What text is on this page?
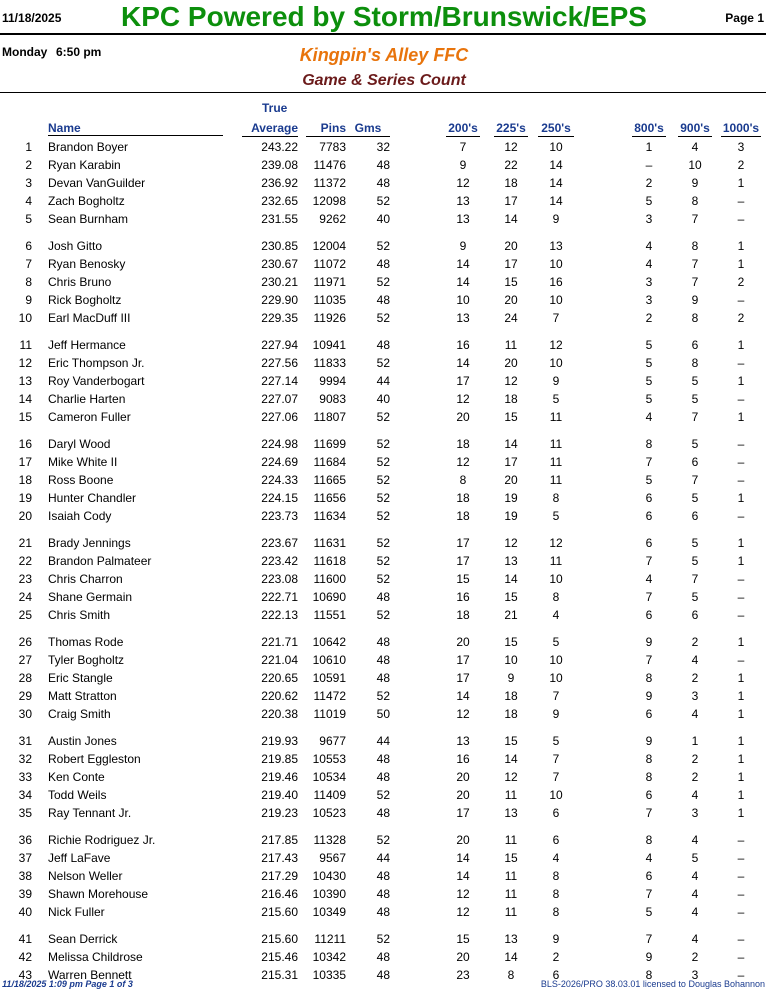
11/18/2025	KPC Powered by Storm/Brunswick/EPS	Page 1
Monday 6:50 pm	Kingpin's Alley FFC
Game & Series Count
True
Name	Average	Pins Gms	200's 225's 250's	800's 900's 1000's
1 Brandon Boyer	243.22	7783	32	7	12	10	1	4	3
2 Ryan Karabin	239.08	11476	48	9	22	14	–	10	2
3 Devan VanGuilder	236.92	11372	48	12	18	14	2	9	1
4 Zach Bogholtz	232.65	12098	52	13	17	14	5	8	–
5 Sean Burnham	231.55	9262	40	13	14	9	3	7	–
6 Josh Gitto	230.85	12004	52	9	20	13	4	8	1
7 Ryan Benosky	230.67	11072	48	14	17	10	4	7	1
8 Chris Bruno	230.21	11971	52	14	15	16	3	7	2
9 Rick Bogholtz	229.90	11035	48	10	20	10	3	9	–
10 Earl MacDuff III	229.35	11926	52	13	24	7	2	8	2
11 Jeff Hermance	227.94	10941	48	16	11	12	5	6	1
12 Eric Thompson Jr.	227.56	11833	52	14	20	10	5	8	–
13 Roy Vanderbogart	227.14	9994	44	17	12	9	5	5	1
14 Charlie Harten	227.07	9083	40	12	18	5	5	5	–
15 Cameron Fuller	227.06	11807	52	20	15	11	4	7	1
16 Daryl Wood	224.98	11699	52	18	14	11	8	5	–
17 Mike White II	224.69	11684	52	12	17	11	7	6	–
18 Ross Boone	224.33	11665	52	8	20	11	5	7	–
19 Hunter Chandler	224.15	11656	52	18	19	8	6	5	1
20 Isaiah Cody	223.73	11634	52	18	19	5	6	6	–
21 Brady Jennings	223.67	11631	52	17	12	12	6	5	1
22 Brandon Palmateer	223.42	11618	52	17	13	11	7	5	1
23 Chris Charron	223.08	11600	52	15	14	10	4	7	–
24 Shane Germain	222.71	10690	48	16	15	8	7	5	–
25 Chris Smith	222.13	11551	52	18	21	4	6	6	–
26 Thomas Rode	221.71	10642	48	20	15	5	9	2	1
27 Tyler Bogholtz	221.04	10610	48	17	10	10	7	4	–
28 Eric Stangle	220.65	10591	48	17	9	10	8	2	1
29 Matt Stratton	220.62	11472	52	14	18	7	9	3	1
30 Craig Smith	220.38	11019	50	12	18	9	6	4	1
31 Austin Jones	219.93	9677	44	13	15	5	9	1	1
32 Robert Eggleston	219.85	10553	48	16	14	7	8	2	1
33 Ken Conte	219.46	10534	48	20	12	7	8	2	1
34 Todd Weils	219.40	11409	52	20	11	10	6	4	1
35 Ray Tennant Jr.	219.23	10523	48	17	13	6	7	3	1
36 Richie Rodriguez Jr.	217.85	11328	52	20	11	6	8	4	–
37 Jeff LaFave	217.43	9567	44	14	15	4	4	5	–
38 Nelson Weller	217.29	10430	48	14	11	8	6	4	–
39 Shawn Morehouse	216.46	10390	48	12	11	8	7	4	–
40 Nick Fuller	215.60	10349	48	12	11	8	5	4	–
41 Sean Derrick	215.60	11211	52	15	13	9	7	4	–
42 Melissa Childrose	215.46	10342	48	20	14	2	9	2	–
43 Warren Bennett	215.31	10335	48	23	8	6	8	3	–
11/18/2025 1:09 pm Page 1 of 3	BLS-2026/PRO 38.03.01 licensed to Douglas Bohannon
